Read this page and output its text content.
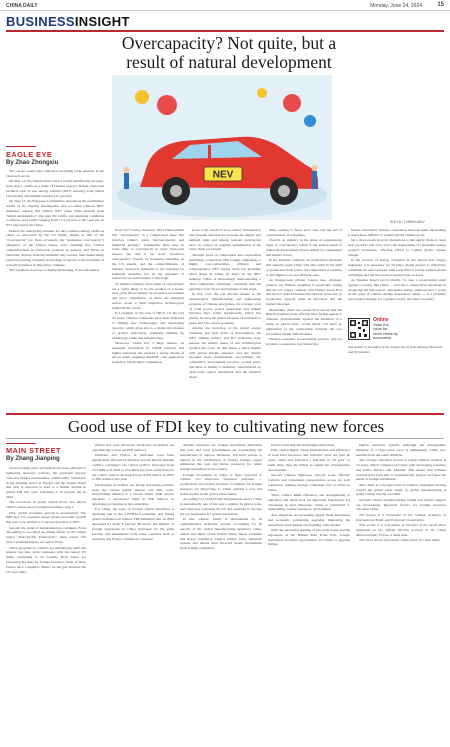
CHINA DAILY	Monday, June 24, 2024	15
BUSINESSINSIGHT
Overcapacity? Not quite, but a result of natural development
EAGLE EYE
By Zhao Zhongxiu
NEV
SHI YU / CHINA DAILY

Two recent events have indicated escalating trade tensions in the clean tech sector.

On May 14, the United States said it would significantly increase, from Aug 1, tariffs on a range of Chinese exports, mainly clean-tech products such as new energy vehicles (NEV, percent), solar panels (50 percent) and lithium batteries (25 percent).

On June 12, the European Commission announced the preliminary results of its ongoing investigation into so-called Chinese NEV subsidies, arguing that China's NEV value chain benefits from "unfair subsidization" (the duty EU tariffs, and obtaining comments to impose extra tariffs ranging from 17.4 percent to 38.1 percent on EVs exported from China.

Indeed, the underlying rationale for the (counter-vailing) tariffs on China as advocated by the US highly similar to that of the "overcapacity" (or, more accurately, the "preference overcapacity") allegation of the United States, both claiming that China's competitiveness in clean-tech products in general, and NEVs in particular, derives from the subsidies they receive, thus undercutting predatory pricing, resulting in flooding of exports to the detriment of relevant industries in importing countries.

The argument, however, is highly misleading, if not unfounded.

Even US Treasury Secretary Janet Yellen admits that "overcapacity" is a complicated issue that involves China's entire macroeconomic and industrial strategy". Admittedly, there may be some signs of overcapacity in some clean-tech sectors, but this is far from "predatory overcapacity" backed by industrial subsidies, as the US asserts, and the competitiveness of Chinese clean-tech industries is not bolstered by industrial subsidies, but by the dynamics of China's factor endowments at this stage.

To industry insiders, these signs of overcapacity are a rarely likely to be the product of a boom-bust cycle driven mainly by excessive investment and price competition, as there are emerging sectors prone to their respective technological industrial life cycles.

For example, in the case of NEVs, for the past 20 years, Chinese companies have been dedicated to finding new technologies and developing systems, which gives rise to a distinctive manner of product innovation, gradually building up technology, talent and infrastructure.

Moreover, China has a huge market; its sustained investment in STEM research and higher education has ensured a steady stream of the so-called "engineer dividend", rich application scenarios, full-fledged competition.

(even to the extent of an so-called "involution"), and frequent interactions between the supply and demand sides and among relevant participants have all created an ongoing optimization of the value chain ecosystem.

Through years of competition and cooperation (including cooperation with foreign companies), a highly cost-competitive, efficient and comprehensive NEV supply chain has gradually taken shape in China. In short, in the NEV industry, China is increasingly demonstrating a clear comparative advantage, consistent with the dynamics of its factor endowments at this stage.

In fact, over the last decade, thanks to the technological, manufacturing, and engineering progress of Chinese enterprises, the average costs of wind power, power generation and lithium batteries have fallen significantly, which has greatly boosted the global adoption of transition to green and low-carbon economy.

Against the backdrop of the global energy transition and after years of development, the NEV lithium battery and PV industries have entered the mature phase of the technological product life cycle. At this phase, a fierce market with global margin emerges, and the market becomes more standardized. Accordingly, the competitive environment revolves around price, and there is usually a shakeout, characterized by large-scale capital investment and the market's share.

ment, leading to fierce price wars and the end of consolidation of companies.

Overall, an industry in the phase of experiencing signs of overcapacity, which is the natural result of industrial development driven mainly by competition and market forces.

In the Western countries, all preferential measures that subsidy target China will only result in the shift of production from some cost-competitive economies to less higher-cost, less efficient ones.

As Singaporean scholar Lauren Gee, obtained, pointed out, Biden's argument is practically saying that the US cannot compete with China's lower EVs that the US reduced Intellectual must be protected, so production capacity must be allocated, and the market distorted.

Meanwhile, these two events have shown that the Biden's frontiers trade officials have further appeal to domestic protectionism, against the backdrop of a rising in global trade, would likely call itself an adjustment to the relationship between the two economies during difficult times.

Western countries' protectionism policies will not promote cooperation, but destructive.

further substantive climate cooperation between them and making it much more difficult to achieve global climate goals.

On a more practical level, disruptions to the supply chain of clean tech products will slow down the deployment of renewable energy projects worldwide, affecting efforts to combat global climate change.

In the process of energy transition in the global new energy industries, it is necessary for all major global players to effectively communicate and cooperate with each other to jointly address global challenges and put the world economy back on track.

As Stephen Roach put it bluntly, "to take a protectionist stand against a country like China — that has a comparative advantage in producing the non-carbon, alternative energy solutions that a world in the grips of climate change desperately needs — is a blatantly good global strategy for a greener world, the better economy.

Online
Scan the
code for
more news by
economist

The author is president of the University of International Business and Economics.

Good use of FDI key to cultivating new forces
MAIN STREET
By Zhang Jianping

Global foreign direct investment has been affected by tightening monetary policies, the persistent interest rates and market uncertainties. Additionally, turbulence in the banking sector in Europe and the United States this year is expected to lead to a further decline in global FDI this year, following a 12 percent dip in 2023.

The slowdown in global capital flows also affects China's actual use of foreign investment. Aug 1.

First, global economic growth is decelerating. The IMF says 175 countries expect global economic growth this year to be similar to or slower than that of 2023.

Second, the trend of deglobalization continues. From decoupling to so-called de-risking efforts in the United States' "Indo-Pacific Framework", these trends will have a potential impact on capital flows.

Third, geopolitical conflicts are intensifying while the interest rate hike cycle continues, with the central US dollar continuing to be volatile. Both issues are increasing the risks for foreign investors. Some of these factors have a negative impact on the gap between the US and China.

trillion this year. However, developed economies are experiencing overall net FDI outflows.

Germany and France, in particular, have been significantly affected by inflation and the Russia-Ukraine conflict, Germany's net capital outflow increased from 25.3 trillion in 2022 to 24 trillion last year, while France's net capital outflow increased from $76.6 billion in 2022 to $30.4 billion last year.

Developing economies are facing increasing pressure from the current tighter interest rate hike cycle, exacerbating inflation to a certain extent. With current elections, a downward trend in FDI inflows in developing economies is also emerging.

For China, the scale of foreign capital utilization is declining due to the COVID-19 pandemic and falling global confidence in China's FDI utilization rate. In 2023 decreased by about 8 percent. However, the number of foreign enterprises in China increased for the same percent, and investments from some countries such as Germany and France continued to increase.

detailed measures for foreign investment utilization this year, and local governments are accelerating the introduction of support measures. We have reason to believe in the stabilization of China's foreign capital utilization this year and future prospects for future foreign investment in the country.

Foreign investment in China is more expected to achieve two important structural purposes — productivity and welfare increase. Conditions for foreign investors are improving, so China remains a core and stable partner in the global value chains.

According to a World Trade Organization report, China is undoubtedly one of the key countries in global trade, and China has overtaken the US and Germany to become the top destination for global investment.

In this context, China is unparalleled by its comprehensive industrial system, accounting for 30 percent of the global manufacturing industry's value-added, and ahead of the United States, Japan, Germany and Korea combined. China's market scale, industrial system, and talents have attracted steady investments from foreign companies.

laws in attracting and developing innovation.

First, capital highly values infrastructure and efficiency in both hard hardware and software. Over the past 40 years, China has followed a principle of "in gold" to build more than 40 trillion in significant infrastructure development.

Second, Chinese highways, airports, ports, efficient logistics and convenient transportation access are well connected, making foreign companies feel at home in China.

Third, China's R&D efficiency and strengthening of education and talent pool are important foundations for advancing in tech industries. China is committed to maintaining a stable regulatory environment.

Also important are increasing supply chain integration and economic partnership upgrades, improving the investment environment and building a fair market.

With the successful opening of free trade zones and the expansion of the Hainan Free Trade Port, foreign investment provides opportunities for China to upgrade further.

human resources system. Although the demographic dividend of a large labor force is diminishing, China now benefits from the talent dividend.

The average education period of young Chinese workers is 14 years, which compares favorably with developing countries like India, Mexico and Vietnam. This means that Chinese workers have been able to systematically support and meet the needs of foreign investment.

Also, there is a stronger trend of Chinese companies moving toward the global value chain, so global manufacturing is going to keep relying on China.

Seventh, China's manufacturing system and service support are increasingly important factors for foreign investors choosing China.

The author is a researcher at the Chinese Academy of International Trade and Economic Cooperation.

This article is a translation of excerpts of his op-ed piece published on the official WeChat account of the China Macroeconomy Forum, a think tank.

The views do not necessarily reflect those of China Daily.
